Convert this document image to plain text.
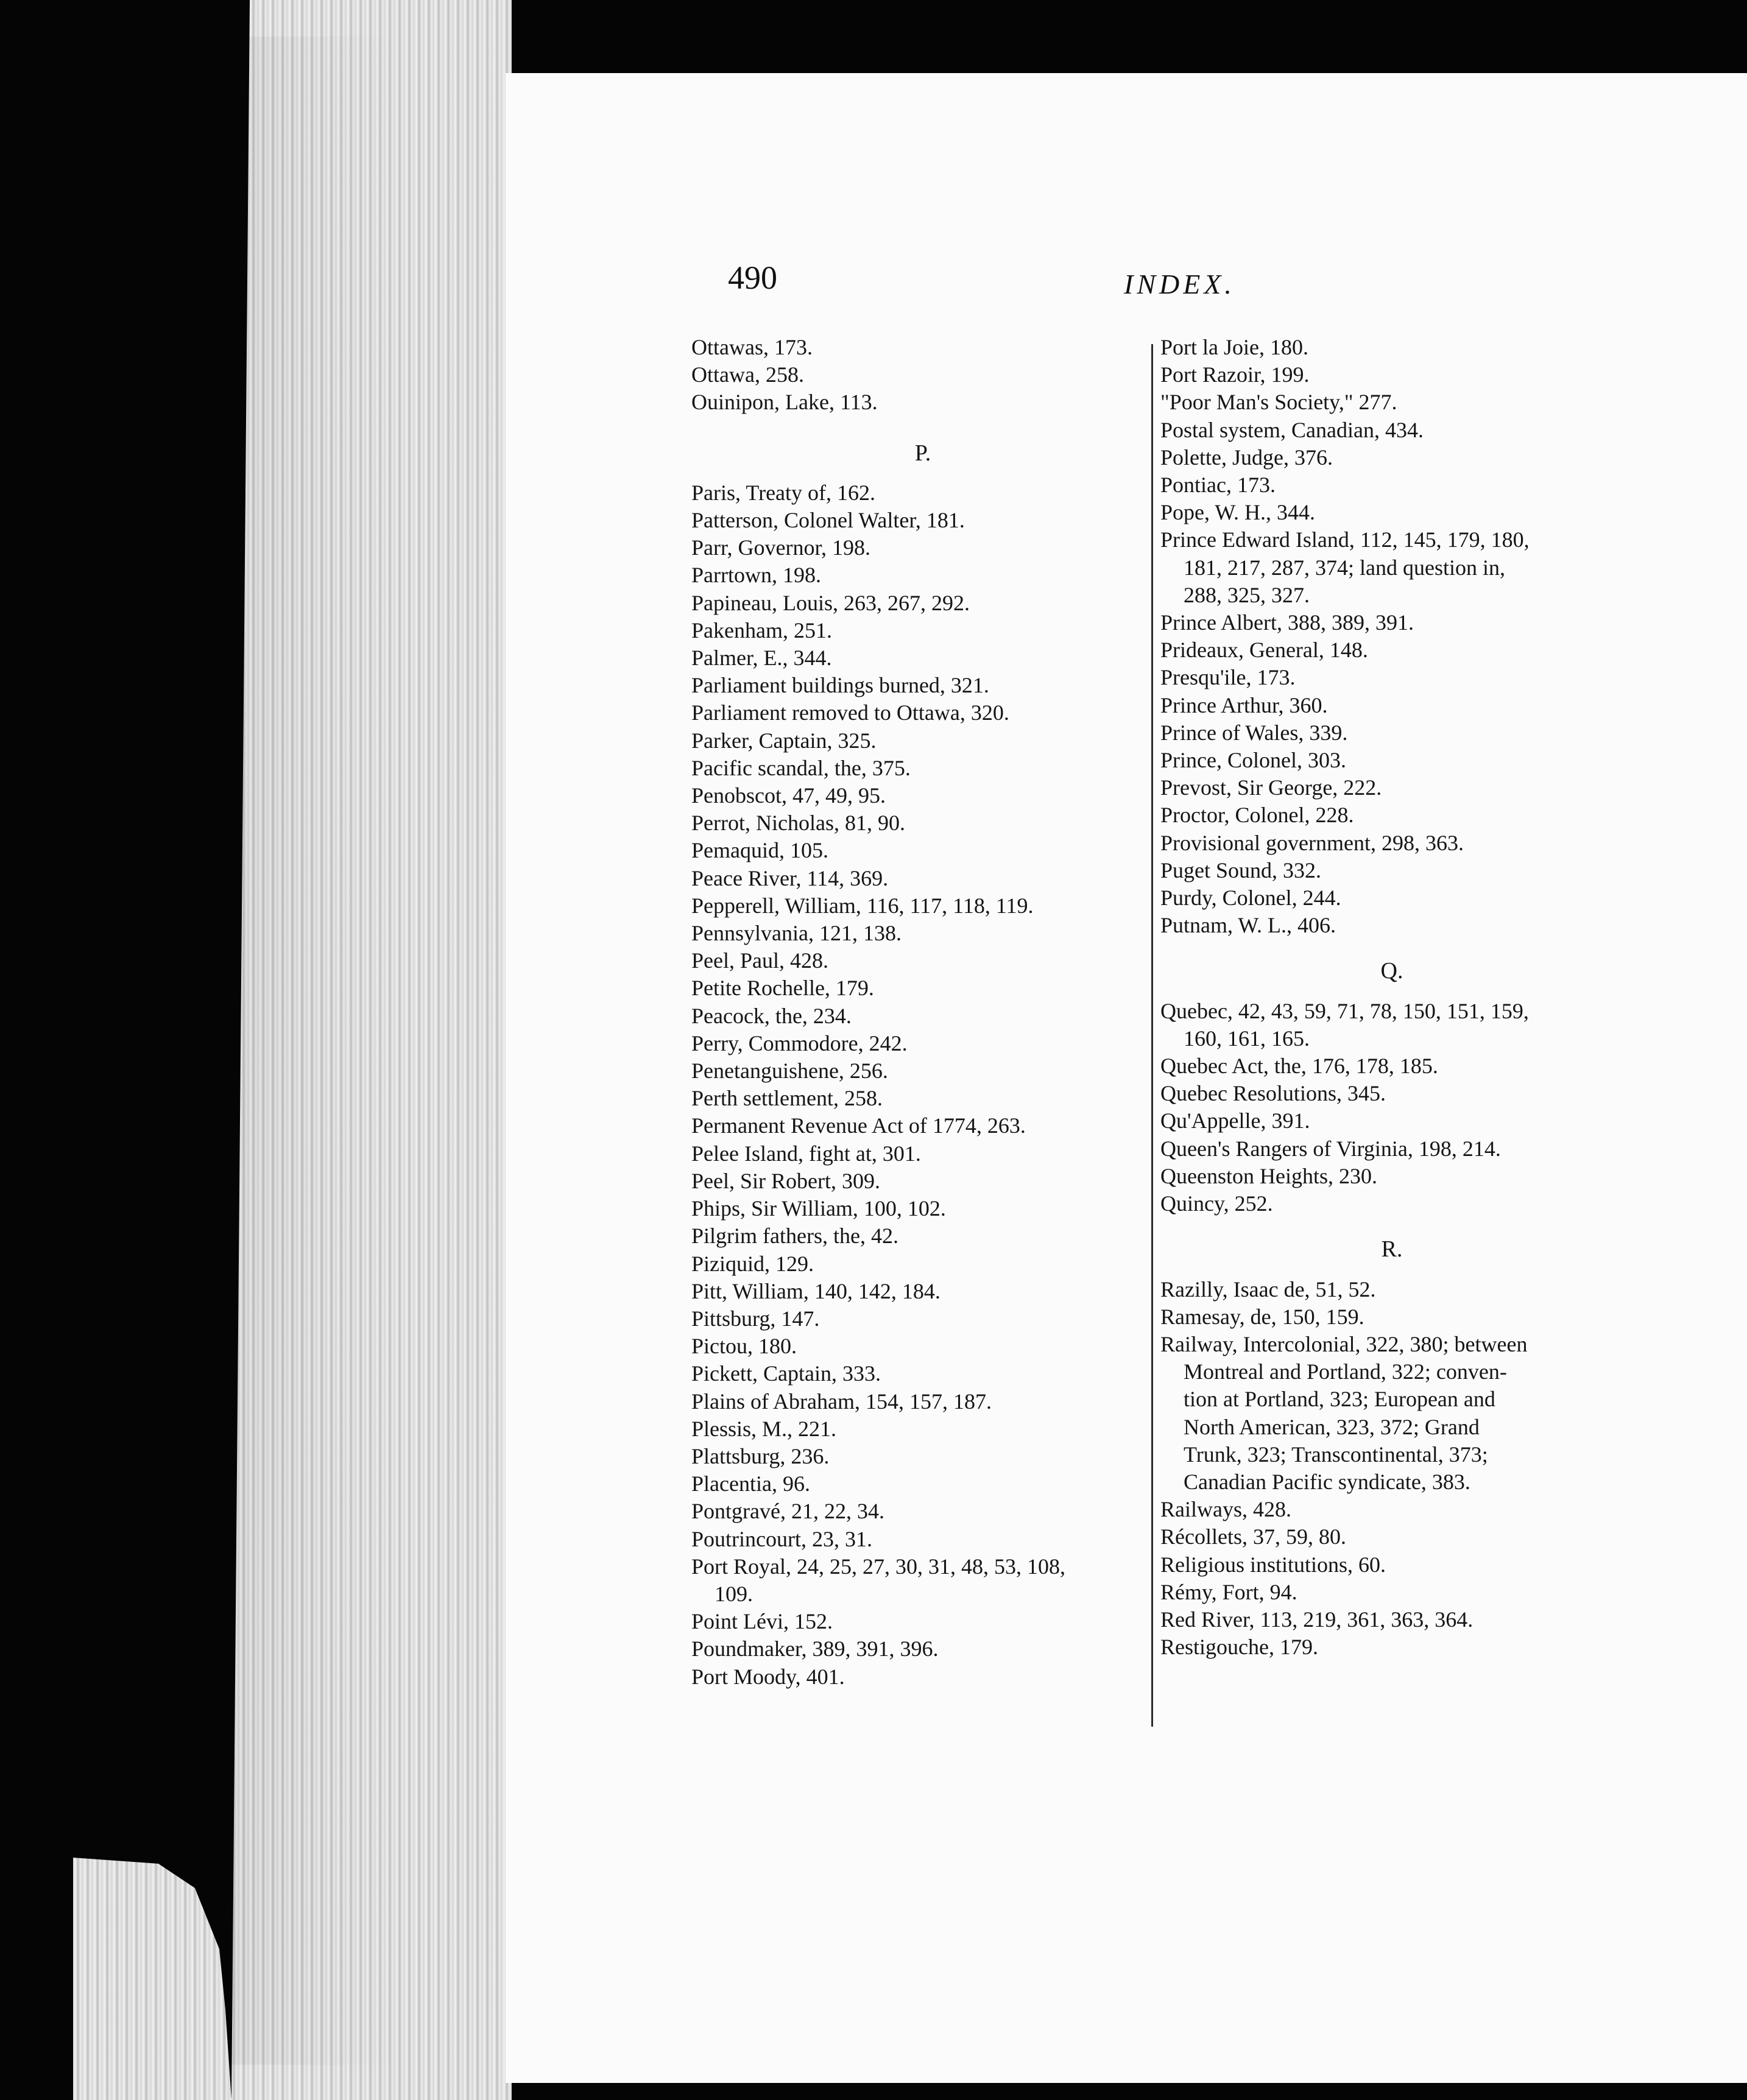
490	INDEX.
Ottawas, 173.
Ottawa, 258.
Ouinipon, Lake, 113.
P.
Paris, Treaty of, 162.
Patterson, Colonel Walter, 181.
Parr, Governor, 198.
Parrtown, 198.
Papineau, Louis, 263, 267, 292.
Pakenham, 251.
Palmer, E., 344.
Parliament buildings burned, 321.
Parliament removed to Ottawa, 320.
Parker, Captain, 325.
Pacific scandal, the, 375.
Penobscot, 47, 49, 95.
Perrot, Nicholas, 81, 90.
Pemaquid, 105.
Peace River, 114, 369.
Pepperell, William, 116, 117, 118, 119.
Pennsylvania, 121, 138.
Peel, Paul, 428.
Petite Rochelle, 179.
Peacock, the, 234.
Perry, Commodore, 242.
Penetanguishene, 256.
Perth settlement, 258.
Permanent Revenue Act of 1774, 263.
Pelee Island, fight at, 301.
Peel, Sir Robert, 309.
Phips, Sir William, 100, 102.
Pilgrim fathers, the, 42.
Piziquid, 129.
Pitt, William, 140, 142, 184.
Pittsburg, 147.
Pictou, 180.
Pickett, Captain, 333.
Plains of Abraham, 154, 157, 187.
Plessis, M., 221.
Plattsburg, 236.
Placentia, 96.
Pontgravé, 21, 22, 34.
Poutrincourt, 23, 31.
Port Royal, 24, 25, 27, 30, 31, 48, 53, 108,
109.
Point Lévi, 152.
Poundmaker, 389, 391, 396.
Port Moody, 401.
Port la Joie, 180.
Port Razoir, 199.
"Poor Man's Society," 277.
Postal system, Canadian, 434.
Polette, Judge, 376.
Pontiac, 173.
Pope, W. H., 344.
Prince Edward Island, 112, 145, 179, 180,
181, 217, 287, 374; land question in,
288, 325, 327.
Prince Albert, 388, 389, 391.
Prideaux, General, 148.
Presqu'ile, 173.
Prince Arthur, 360.
Prince of Wales, 339.
Prince, Colonel, 303.
Prevost, Sir George, 222.
Proctor, Colonel, 228.
Provisional government, 298, 363.
Puget Sound, 332.
Purdy, Colonel, 244.
Putnam, W. L., 406.
Q.
Quebec, 42, 43, 59, 71, 78, 150, 151, 159,
160, 161, 165.
Quebec Act, the, 176, 178, 185.
Quebec Resolutions, 345.
Qu'Appelle, 391.
Queen's Rangers of Virginia, 198, 214.
Queenston Heights, 230.
Quincy, 252.
R.
Razilly, Isaac de, 51, 52.
Ramesay, de, 150, 159.
Railway, Intercolonial, 322, 380; between
Montreal and Portland, 322; conven-
tion at Portland, 323; European and
North American, 323, 372; Grand
Trunk, 323; Transcontinental, 373;
Canadian Pacific syndicate, 383.
Railways, 428.
Récollets, 37, 59, 80.
Religious institutions, 60.
Rémy, Fort, 94.
Red River, 113, 219, 361, 363, 364.
Restigouche, 179.
